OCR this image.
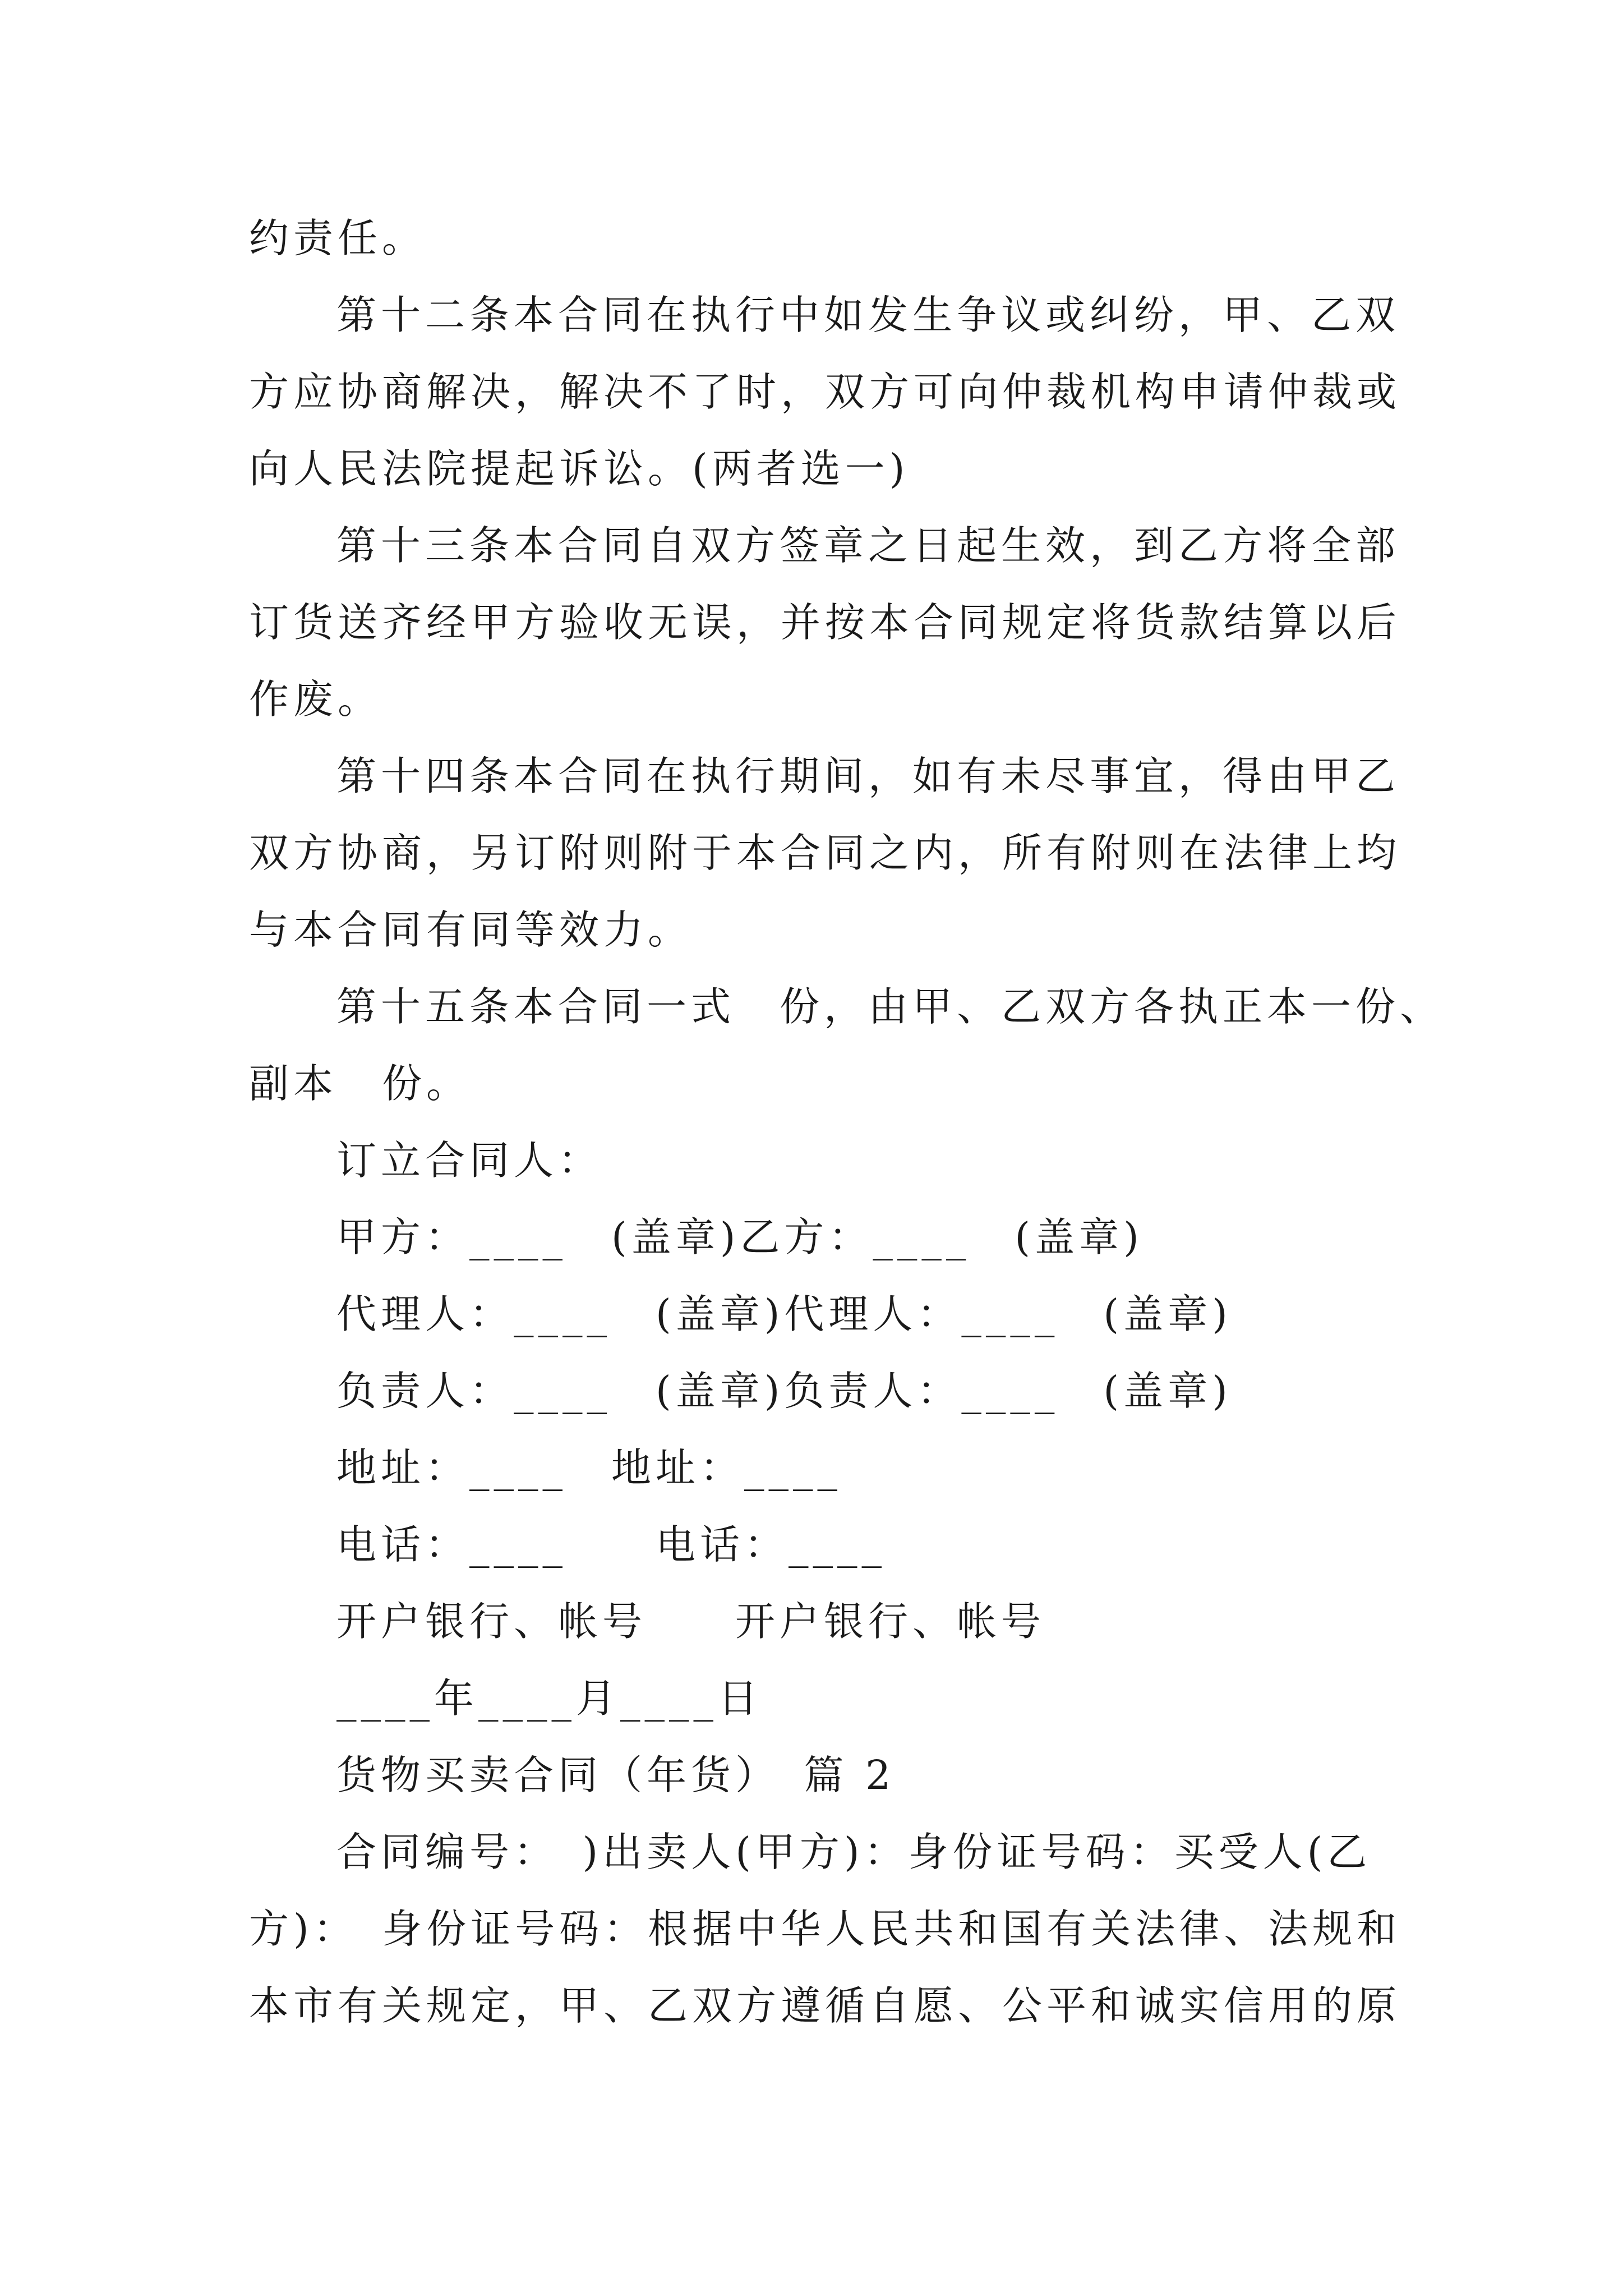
约责任。
第十二条本合同在执行中如发生争议或纠纷，甲、乙双
方应协商解决，解决不了时，双方可向仲裁机构申请仲裁或
向人民法院提起诉讼。(两者选一)
第十三条本合同自双方签章之日起生效，到乙方将全部
订货送齐经甲方验收无误，并按本合同规定将货款结算以后
作废。
第十四条本合同在执行期间，如有未尽事宜，得由甲乙
双方协商，另订附则附于本合同之内，所有附则在法律上均
与本合同有同等效力。
第十五条本合同一式　份，由甲、乙双方各执正本一份、
副本　份。
订立合同人：
甲方：____　(盖章)乙方：____　(盖章)
代理人：____　(盖章)代理人：____　(盖章)
负责人：____　(盖章)负责人：____　(盖章)
地址：____　地址：____
电话：____　　电话：____
开户银行、帐号　　开户银行、帐号
____年____月____日
货物买卖合同（年货）　篇 2
合同编号：　)出卖人(甲方)：身份证号码：买受人(乙
方)：　身份证号码：根据中华人民共和国有关法律、法规和
本市有关规定，甲、乙双方遵循自愿、公平和诚实信用的原
